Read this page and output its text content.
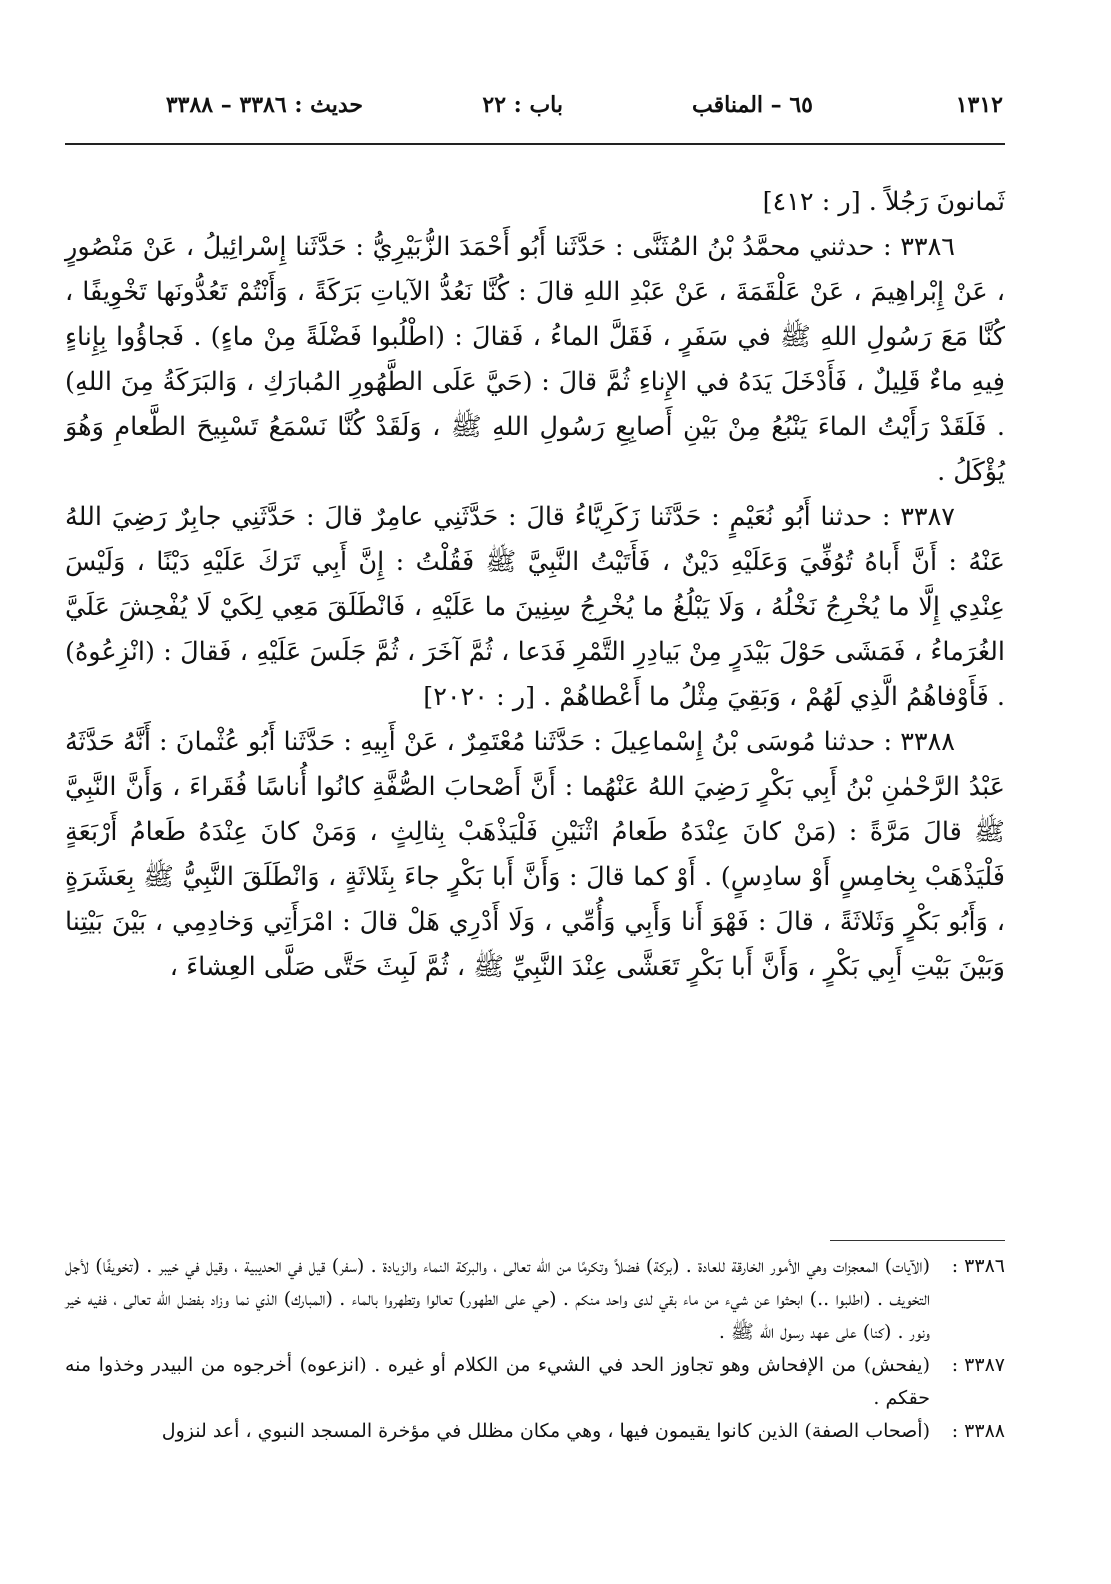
١٣١٢
٦٥ – المناقب
باب : ٢٢
حديث : ٣٣٨٦ – ٣٣٨٨

ثَمانونَ رَجُلاً . [ر : ٤١٢]

٣٣٨٦ : حدثني محمَّدُ بْنُ المُثَنَّى : حَدَّثَنا أَبُو أَحْمَدَ الزُّبَيْرِيُّ : حَدَّثَنا إِسْرائِيلُ ، عَنْ مَنْصُورٍ ، عَنْ إِبْراهِيمَ ، عَنْ عَلْقَمَةَ ، عَنْ عَبْدِ اللهِ قالَ : كُنَّا نَعُدُّ الآياتِ بَرَكَةً ، وَأَنْتُمْ تَعُدُّونَها تَخْوِيفًا ، كُنَّا مَعَ رَسُولِ اللهِ ﷺ في سَفَرٍ ، فَقَلَّ الماءُ ، فَقالَ : (اطْلُبوا فَضْلَةً مِنْ ماءٍ) . فَجاؤُوا بِإِناءٍ فِيهِ ماءٌ قَلِيلٌ ، فَأَدْخَلَ يَدَهُ في الإِناءِ ثُمَّ قالَ : (حَيَّ عَلَى الطَّهُورِ المُبارَكِ ، وَالبَرَكَةُ مِنَ اللهِ) . فَلَقَدْ رَأَيْتُ الماءَ يَنْبُعُ مِنْ بَيْنِ أَصابِعِ رَسُولِ اللهِ ﷺ ، وَلَقَدْ كُنَّا نَسْمَعُ تَسْبِيحَ الطَّعامِ وَهُوَ يُؤْكَلُ .

٣٣٨٧ : حدثنا أَبُو نُعَيْمٍ : حَدَّثَنا زَكَرِيَّاءُ قالَ : حَدَّثَنِي عامِرٌ قالَ : حَدَّثَنِي جابِرٌ رَضِيَ اللهُ عَنْهُ : أَنَّ أَباهُ تُوُفِّيَ وَعَلَيْهِ دَيْنٌ ، فَأَتَيْتُ النَّبِيَّ ﷺ فَقُلْتُ : إِنَّ أَبِي تَرَكَ عَلَيْهِ دَيْنًا ، وَلَيْسَ عِنْدِي إِلَّا ما يُخْرِجُ نَخْلُهُ ، وَلَا يَبْلُغُ ما يُخْرِجُ سِنِينَ ما عَلَيْهِ ، فَانْطَلَقَ مَعِي لِكَيْ لَا يُفْحِشَ عَلَيَّ الغُرَماءُ ، فَمَشَى حَوْلَ بَيْدَرٍ مِنْ بَيادِرِ التَّمْرِ فَدَعا ، ثُمَّ آخَرَ ، ثُمَّ جَلَسَ عَلَيْهِ ، فَقالَ : (انْزِعُوهُ) . فَأَوْفاهُمُ الَّذِي لَهُمْ ، وَبَقِيَ مِثْلُ ما أَعْطاهُمْ . [ر : ٢٠٢٠]

٣٣٨٨ : حدثنا مُوسَى بْنُ إِسْماعِيلَ : حَدَّثَنا مُعْتَمِرٌ ، عَنْ أَبِيهِ : حَدَّثَنا أَبُو عُثْمانَ : أَنَّهُ حَدَّثَهُ عَبْدُ الرَّحْمٰنِ بْنُ أَبِي بَكْرٍ رَضِيَ اللهُ عَنْهُما : أَنَّ أَصْحابَ الصُّفَّةِ كانُوا أُناسًا فُقَراءَ ، وَأَنَّ النَّبِيَّ ﷺ قالَ مَرَّةً : (مَنْ كانَ عِنْدَهُ طَعامُ اثْنَيْنِ فَلْيَذْهَبْ بِثالِثٍ ، وَمَنْ كانَ عِنْدَهُ طَعامُ أَرْبَعَةٍ فَلْيَذْهَبْ بِخامِسٍ أَوْ سادِسٍ) . أَوْ كما قالَ : وَأَنَّ أَبا بَكْرٍ جاءَ بِثَلاثَةٍ ، وَانْطَلَقَ النَّبِيُّ ﷺ بِعَشَرَةٍ ، وَأَبُو بَكْرٍ وَثَلاثَةً ، قالَ : فَهْوَ أَنا وَأَبِي وَأُمِّي ، وَلَا أَدْرِي هَلْ قالَ : امْرَأَتِي وَخادِمِي ، بَيْنَ بَيْتِنا وَبَيْنَ بَيْتِ أَبِي بَكْرٍ ، وَأَنَّ أَبا بَكْرٍ تَعَشَّى عِنْدَ النَّبِيِّ ﷺ ، ثُمَّ لَبِثَ حَتَّى صَلَّى العِشاءَ ،

٣٣٨٦ :
(الآيات) المعجزات وهي الأمور الخارقة للعادة . (بركة) فضلاً وتكرمًا من الله تعالى ، والبركة النماء والزيادة . (سفر) قيل في الحديبية ، وقيل في خيبر . (تخويفًا) لأجل التخويف . (اطلبوا ..) ابحثوا عن شيء من ماء بقي لدى واحد منكم . (حي على الطهور) تعالوا وتطهروا بالماء . (المبارك) الذي نما وزاد بفضل الله تعالى ، ففيه خير ونور . (كنا) على عهد رسول الله ﷺ .
٣٣٨٧ :
(يفحش) من الإفحاش وهو تجاوز الحد في الشيء من الكلام أو غيره . (انزعوه) أخرجوه من البيدر وخذوا منه حقكم .
٣٣٨٨ :
(أصحاب الصفة) الذين كانوا يقيمون فيها ، وهي مكان مظلل في مؤخرة المسجد النبوي ، أعد لنزول
